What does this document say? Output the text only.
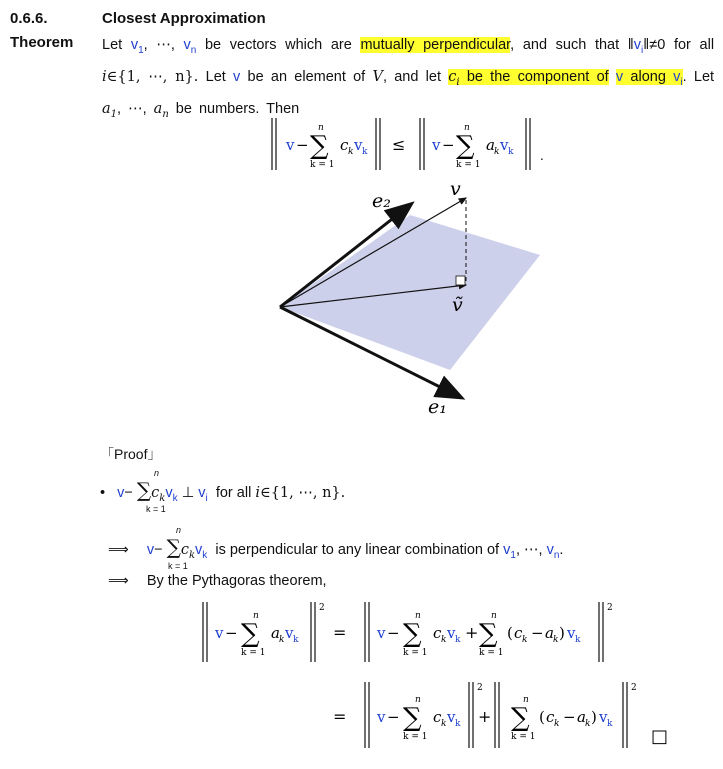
0.6.6.
Theorem
Closest Approximation
Let $v_1$, ⋯, $v_n$ be vectors which are mutually perpendicular, and such that $‖v_i‖\ne 0$ for all i∈{1, ⋯, n}. Let v be an element of V, and let $c_i$ be the component of v along $v_i$. Let $a_1$, ⋯, $a_n$ be numbers. Then
v −
n
∑
k = 1
c k v k ≤ v −
n
∑
k = 1
a k v k .
e₂
v
ṽ
e₁
「Proof」
• $v- \sum c_kv_k$ ⊥ $v_i$ for all i∈{1, ⋯, n}.
n
k = 1
⟹ $v- \sum c_kv_k$ is perpendicular to any linear combination of $v_1$, ⋯, $v_n$.
n
k = 1
⟹ By the Pythagoras theorem,
2	2
v −
n
∑
k = 1
a k v k = v −
n
∑
k = 1
c k v k +
n
∑
k = 1
( c k − a k ) v k
=
2	2
v −
n
∑
k = 1
c k v k +
n
∑
k = 1
( c k − a k ) v k
□
